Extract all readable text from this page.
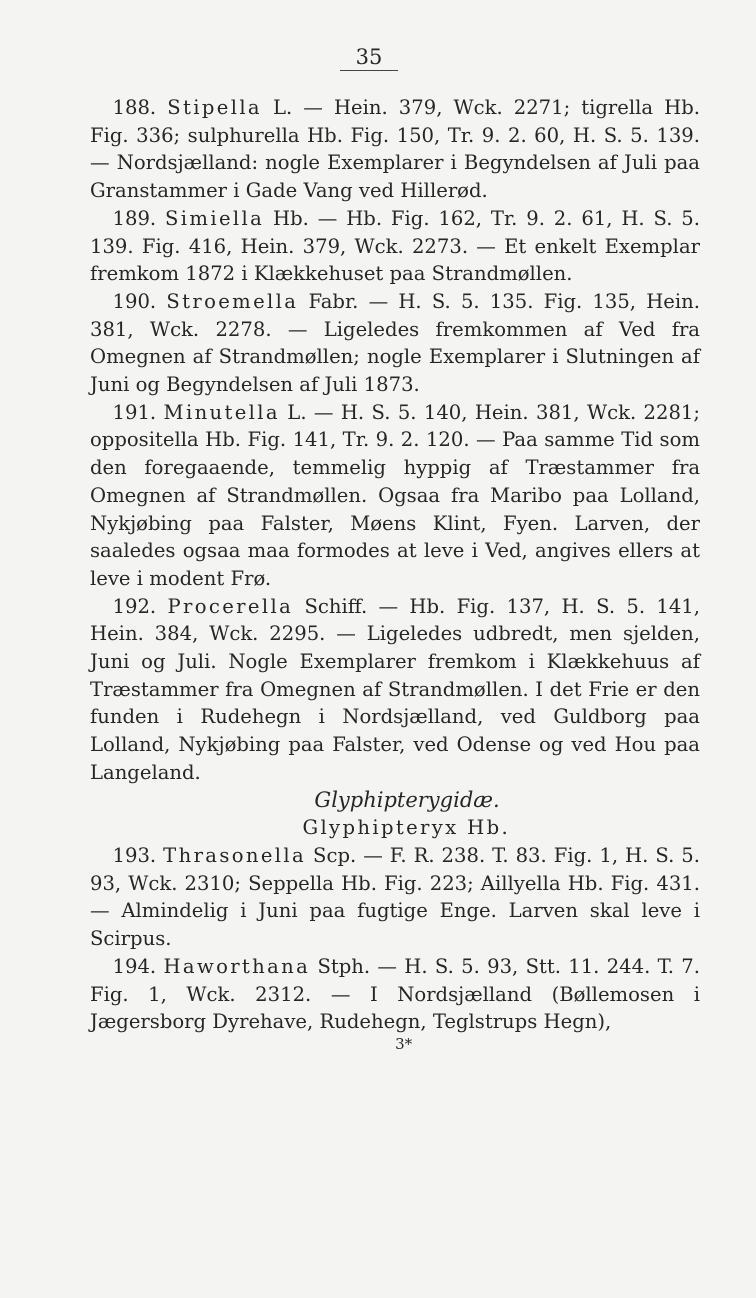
35

188. Stipella L. — Hein. 379, Wck. 2271; tigrella Hb. Fig. 336; sulphurella Hb. Fig. 150, Tr. 9. 2. 60, H. S. 5. 139. — Nordsjælland: nogle Exemplarer i Begyndelsen af Juli paa Granstammer i Gade Vang ved Hillerød.

189. Simiella Hb. — Hb. Fig. 162, Tr. 9. 2. 61, H. S. 5. 139. Fig. 416, Hein. 379, Wck. 2273. — Et enkelt Exemplar fremkom 1872 i Klækkehuset paa Strandmøllen.

190. Stroemella Fabr. — H. S. 5. 135. Fig. 135, Hein. 381, Wck. 2278. — Ligeledes fremkommen af Ved fra Omegnen af Strandmøllen; nogle Exemplarer i Slutningen af Juni og Begyndelsen af Juli 1873.

191. Minutella L. — H. S. 5. 140, Hein. 381, Wck. 2281; oppositella Hb. Fig. 141, Tr. 9. 2. 120. — Paa samme Tid som den foregaaende, temmelig hyppig af Træstammer fra Omegnen af Strandmøllen. Ogsaa fra Maribo paa Lolland, Nykjøbing paa Falster, Møens Klint, Fyen. Larven, der saaledes ogsaa maa formodes at leve i Ved, angives ellers at leve i modent Frø.

192. Procerella Schiff. — Hb. Fig. 137, H. S. 5. 141, Hein. 384, Wck. 2295. — Ligeledes udbredt, men sjelden, Juni og Juli. Nogle Exemplarer fremkom i Klækkehuus af Træstammer fra Omegnen af Strandmøllen. I det Frie er den funden i Rudehegn i Nordsjælland, ved Guldborg paa Lolland, Nykjøbing paa Falster, ved Odense og ved Hou paa Langeland.

Glyphipterygidæ.

Glyphipteryx Hb.

193. Thrasonella Scp. — F. R. 238. T. 83. Fig. 1, H. S. 5. 93, Wck. 2310; Seppella Hb. Fig. 223; Aillyella Hb. Fig. 431. — Almindelig i Juni paa fugtige Enge. Larven skal leve i Scirpus.

194. Haworthana Stph. — H. S. 5. 93, Stt. 11. 244. T. 7. Fig. 1, Wck. 2312. — I Nordsjælland (Bøllemosen i Jægersborg Dyrehave, Rudehegn, Teglstrups Hegn),

3*
